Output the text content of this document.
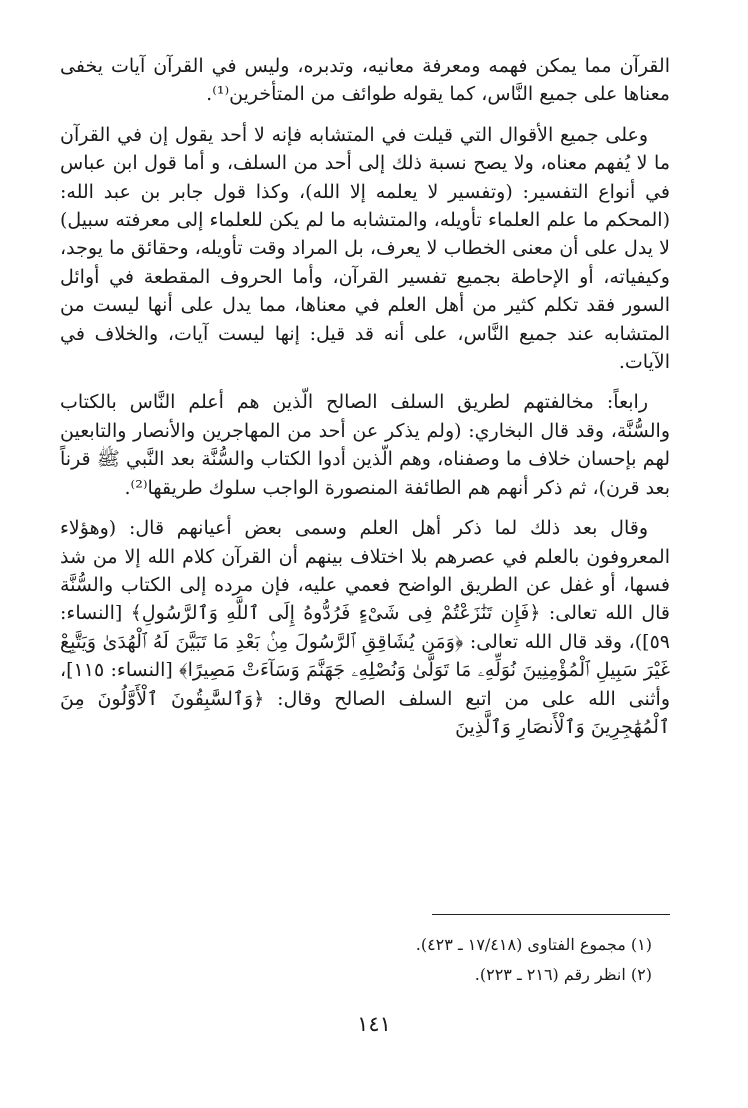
القرآن مما يمكن فهمه ومعرفة معانيه، وتدبره، وليس في القرآن آيات يخفى معناها على جميع النَّاس، كما يقوله طوائف من المتأخرين⁽¹⁾.

وعلى جميع الأقوال التي قيلت في المتشابه فإنه لا أحد يقول إن في القرآن ما لا يُفهم معناه، ولا يصح نسبة ذلك إلى أحد من السلف، و أما قول ابن عباس في أنواع التفسير: (وتفسير لا يعلمه إلا الله)، وكذا قول جابر بن عبد الله: (المحكم ما علم العلماء تأويله، والمتشابه ما لم يكن للعلماء إلى معرفته سبيل) لا يدل على أن معنى الخطاب لا يعرف، بل المراد وقت تأويله، وحقائق ما يوجد، وكيفياته، أو الإحاطة بجميع تفسير القرآن، وأما الحروف المقطعة في أوائل السور فقد تكلم كثير من أهل العلم في معناها، مما يدل على أنها ليست من المتشابه عند جميع النَّاس، على أنه قد قيل: إنها ليست آيات، والخلاف في الآيات.

رابعاً: مخالفتهم لطريق السلف الصالح الّذين هم أعلم النَّاس بالكتاب والسُّنَّة، وقد قال البخاري: (ولم يذكر عن أحد من المهاجرين والأنصار والتابعين لهم بإحسان خلاف ما وصفناه، وهم الّذين أدوا الكتاب والسُّنَّة بعد النَّبي ﷺ قرناً بعد قرن)، ثم ذكر أنهم هم الطائفة المنصورة الواجب سلوك طريقها⁽²⁾.

وقال بعد ذلك لما ذكر أهل العلم وسمى بعض أعيانهم قال: (وهؤلاء المعروفون بالعلم في عصرهم بلا اختلاف بينهم أن القرآن كلام الله إلا من شذ فسها، أو غفل عن الطريق الواضح فعمي عليه، فإن مرده إلى الكتاب والسُّنَّة قال الله تعالى: ﴿فَإِن تَنَٰزَعْتُمْ فِى شَىْءٍ فَرُدُّوهُ إِلَى ٱللَّهِ وَٱلرَّسُولِ﴾ [النساء: ٥٩])، وقد قال الله تعالى: ﴿وَمَن يُشَاقِقِ ٱلرَّسُولَ مِنۢ بَعْدِ مَا تَبَيَّنَ لَهُ ٱلْهُدَىٰ وَيَتَّبِعْ غَيْرَ سَبِيلِ ٱلْمُؤْمِنِينَ نُوَلِّهِۦ مَا تَوَلَّىٰ وَنُصْلِهِۦ جَهَنَّمَ وَسَآءَتْ مَصِيرًا﴾ [النساء: ١١٥]، وأثنى الله على من اتبع السلف الصالح وقال: ﴿وَٱلسَّٰبِقُونَ ٱلْأَوَّلُونَ مِنَ ٱلْمُهَٰجِرِينَ وَٱلْأَنصَارِ وَٱلَّذِينَ

(١) مجموع الفتاوى (١٧/٤١٨ ـ ٤٢٣).
(٢) انظر رقم (٢١٦ ـ ٢٢٣).
١٤١
